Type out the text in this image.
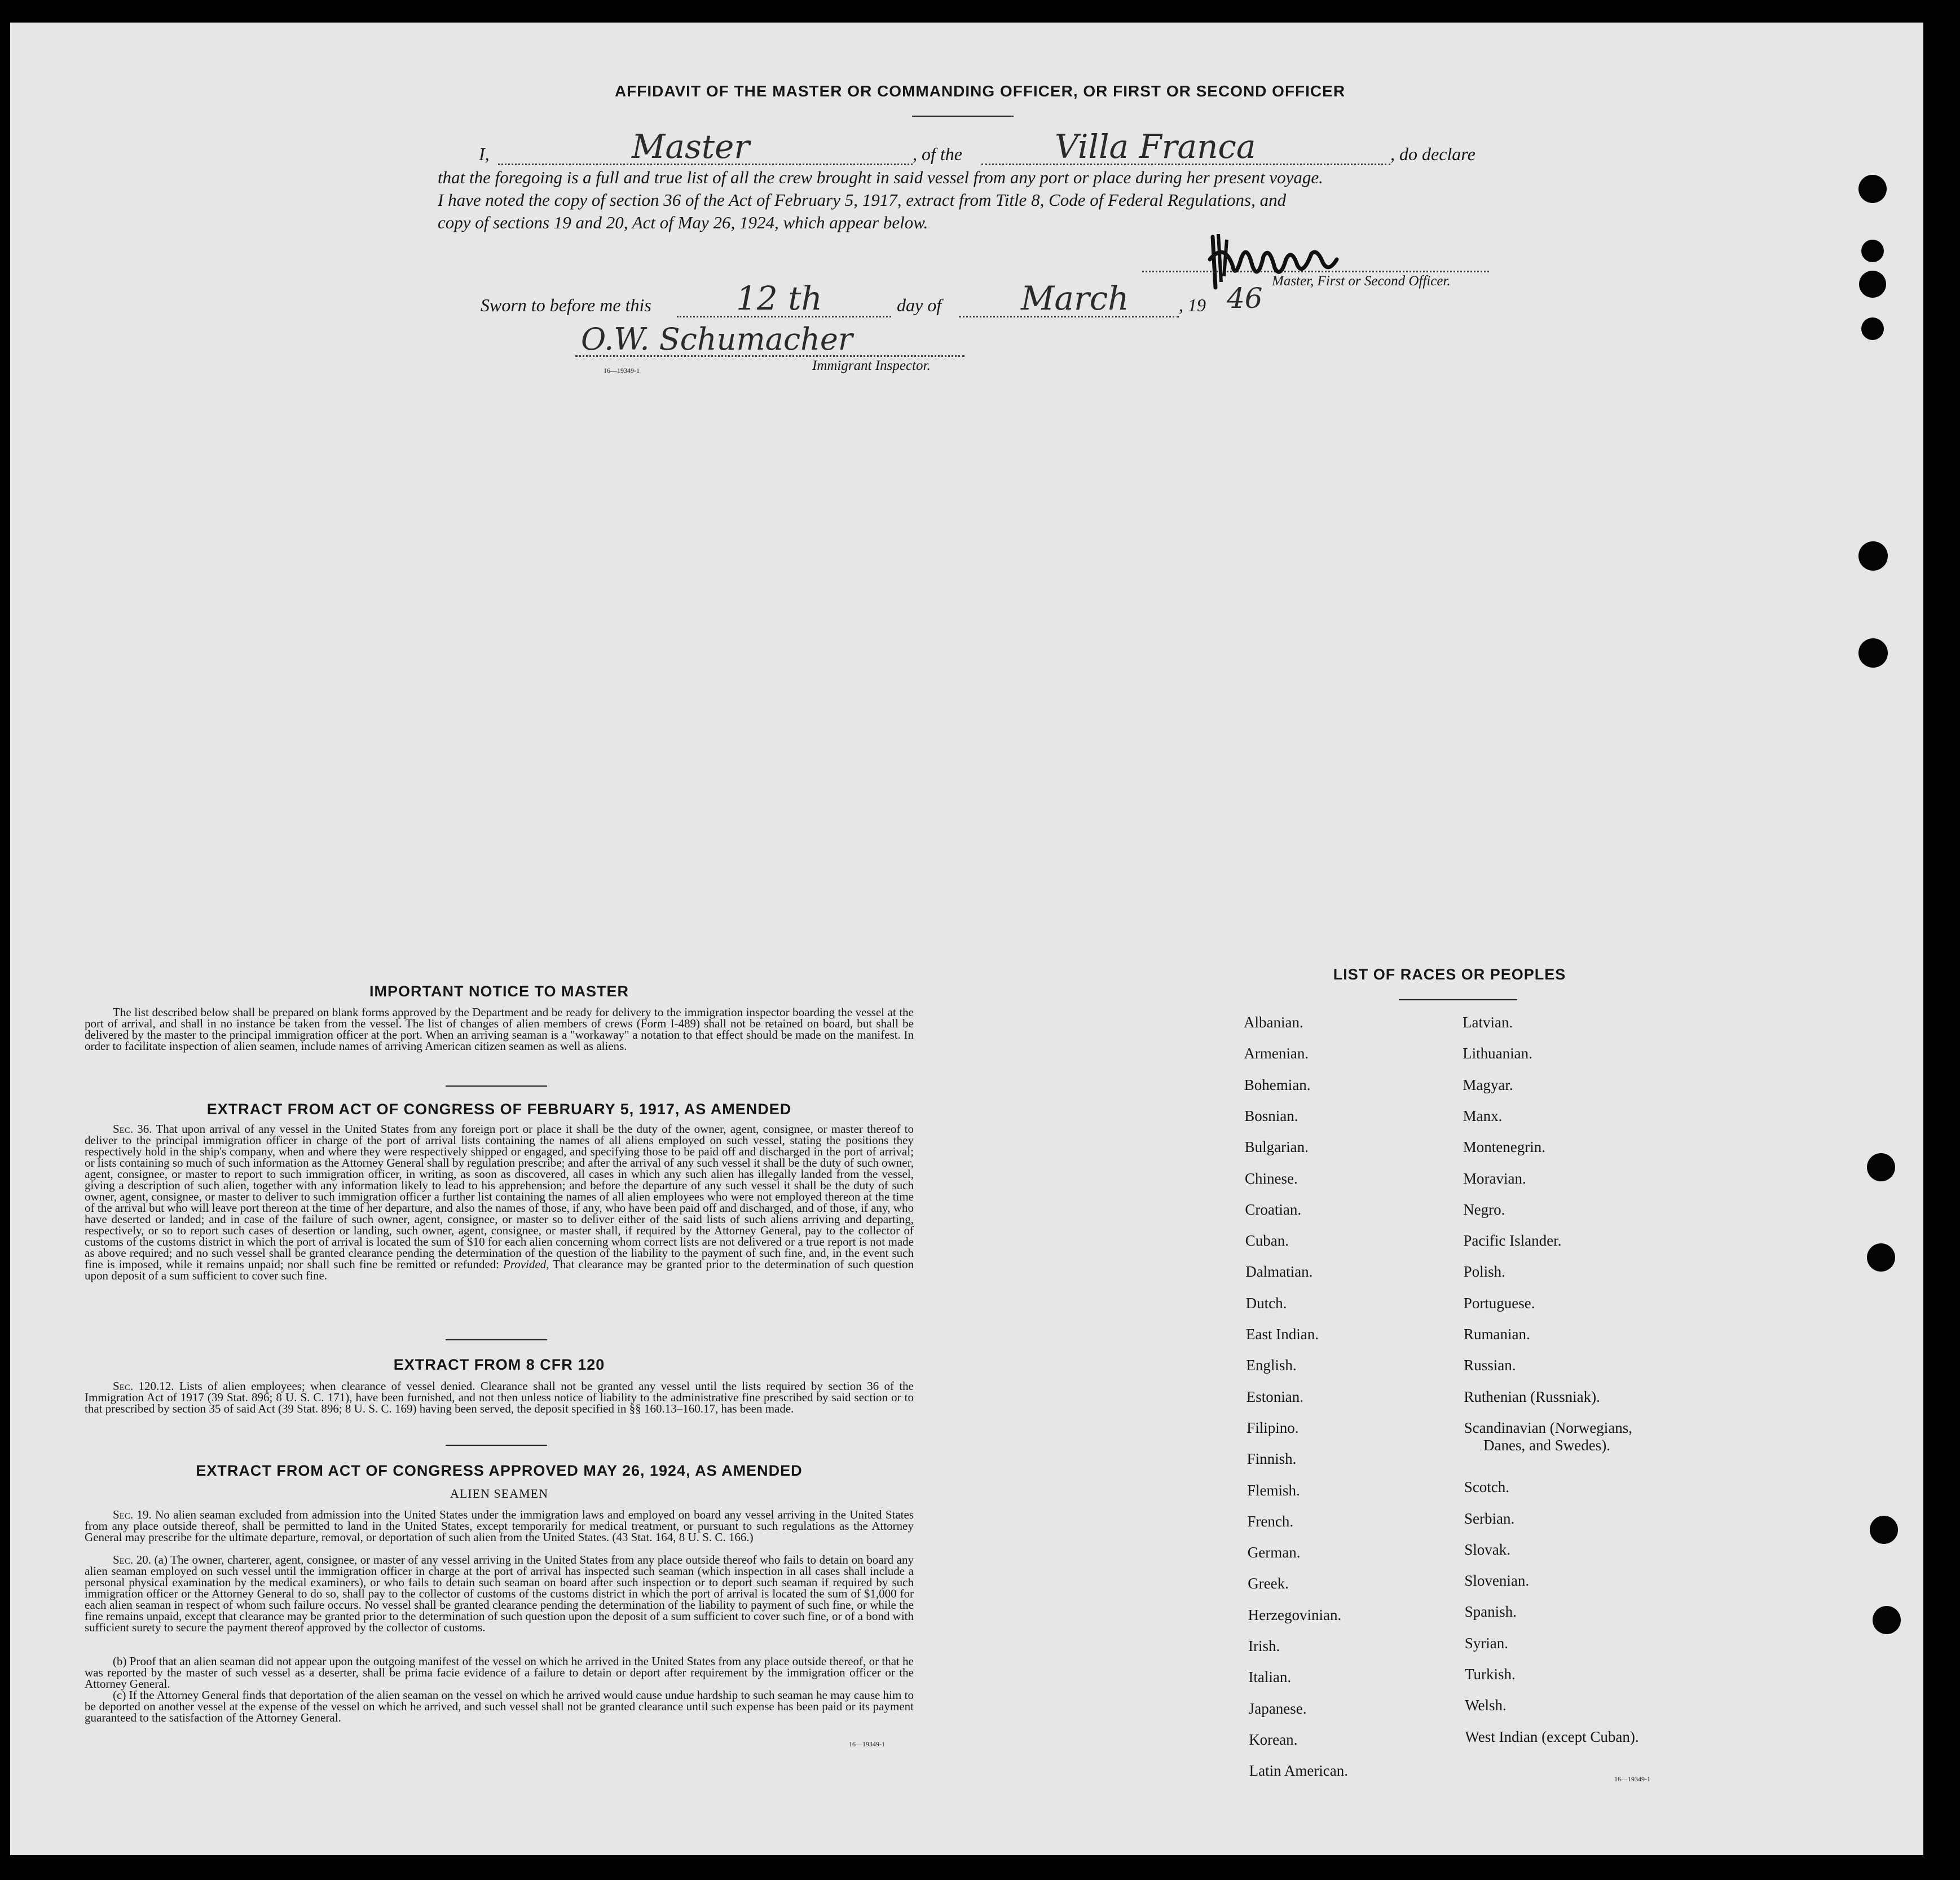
AFFIDAVIT OF THE MASTER OR COMMANDING OFFICER, OR FIRST OR SECOND OFFICER
I,	Master	, of the	Villa Franca	, do declare
that the foregoing is a full and true list of all the crew brought in said vessel from any port or place during her present voyage.
I have noted the copy of section 36 of the Act of February 5, 1917, extract from Title 8, Code of Federal Regulations, and
copy of sections 19 and 20, Act of May 26, 1924, which appear below.
Master, First or Second Officer.
Sworn to before me this	12 th	day of March	, 19 46
O.W. Schumacher
16—19349-1	Immigrant Inspector.
IMPORTANT NOTICE TO MASTER
The list described below shall be prepared on blank forms approved by the Department and be ready for delivery to the immigration inspector boarding the vessel at the port of arrival, and shall in no instance be taken from the vessel. The list of changes of alien members of crews (Form I-489) shall not be retained on board, but shall be delivered by the master to the principal immigration officer at the port. When an arriving seaman is a "workaway" a notation to that effect should be made on the manifest. In order to facilitate inspection of alien seamen, include names of arriving American citizen seamen as well as aliens.
EXTRACT FROM ACT OF CONGRESS OF FEBRUARY 5, 1917, AS AMENDED
Sec. 36. That upon arrival of any vessel in the United States from any foreign port or place it shall be the duty of the owner, agent, consignee, or master thereof to deliver to the principal immigration officer in charge of the port of arrival lists containing the names of all aliens employed on such vessel, stating the positions they respectively hold in the ship's company, when and where they were respectively shipped or engaged, and specifying those to be paid off and discharged in the port of arrival; or lists containing so much of such information as the Attorney General shall by regulation prescribe; and after the arrival of any such vessel it shall be the duty of such owner, agent, consignee, or master to report to such immigration officer, in writing, as soon as discovered, all cases in which any such alien has illegally landed from the vessel, giving a description of such alien, together with any information likely to lead to his apprehension; and before the departure of any such vessel it shall be the duty of such owner, agent, consignee, or master to deliver to such immigration officer a further list containing the names of all alien employees who were not employed thereon at the time of the arrival but who will leave port thereon at the time of her departure, and also the names of those, if any, who have been paid off and discharged, and of those, if any, who have deserted or landed; and in case of the failure of such owner, agent, consignee, or master so to deliver either of the said lists of such aliens arriving and departing, respectively, or so to report such cases of desertion or landing, such owner, agent, consignee, or master shall, if required by the Attorney General, pay to the collector of customs of the customs district in which the port of arrival is located the sum of $10 for each alien concerning whom correct lists are not delivered or a true report is not made as above required; and no such vessel shall be granted clearance pending the determination of the question of the liability to the payment of such fine, and, in the event such fine is imposed, while it remains unpaid; nor shall such fine be remitted or refunded: Provided, That clearance may be granted prior to the determination of such question upon deposit of a sum sufficient to cover such fine.
EXTRACT FROM 8 CFR 120
Sec. 120.12. Lists of alien employees; when clearance of vessel denied. Clearance shall not be granted any vessel until the lists required by section 36 of the Immigration Act of 1917 (39 Stat. 896; 8 U. S. C. 171), have been furnished, and not then unless notice of liability to the administrative fine prescribed by said section or to that prescribed by section 35 of said Act (39 Stat. 896; 8 U. S. C. 169) having been served, the deposit specified in §§ 160.13–160.17, has been made.
EXTRACT FROM ACT OF CONGRESS APPROVED MAY 26, 1924, AS AMENDED
ALIEN SEAMEN
Sec. 19. No alien seaman excluded from admission into the United States under the immigration laws and employed on board any vessel arriving in the United States from any place outside thereof, shall be permitted to land in the United States, except temporarily for medical treatment, or pursuant to such regulations as the Attorney General may prescribe for the ultimate departure, removal, or deportation of such alien from the United States. (43 Stat. 164, 8 U. S. C. 166.)
Sec. 20. (a) The owner, charterer, agent, consignee, or master of any vessel arriving in the United States from any place outside thereof who fails to detain on board any alien seaman employed on such vessel until the immigration officer in charge at the port of arrival has inspected such seaman (which inspection in all cases shall include a personal physical examination by the medical examiners), or who fails to detain such seaman on board after such inspection or to deport such seaman if required by such immigration officer or the Attorney General to do so, shall pay to the collector of customs of the customs district in which the port of arrival is located the sum of $1,000 for each alien seaman in respect of whom such failure occurs. No vessel shall be granted clearance pending the determination of the liability to payment of such fine, or while the fine remains unpaid, except that clearance may be granted prior to the determination of such question upon the deposit of a sum sufficient to cover such fine, or of a bond with sufficient surety to secure the payment thereof approved by the collector of customs.
(b) Proof that an alien seaman did not appear upon the outgoing manifest of the vessel on which he arrived in the United States from any place outside thereof, or that he was reported by the master of such vessel as a deserter, shall be prima facie evidence of a failure to detain or deport after requirement by the immigration officer or the Attorney General.
(c) If the Attorney General finds that deportation of the alien seaman on the vessel on which he arrived would cause undue hardship to such seaman he may cause him to be deported on another vessel at the expense of the vessel on which he arrived, and such vessel shall not be granted clearance until such expense has been paid or its payment guaranteed to the satisfaction of the Attorney General.
16—19349-1
LIST OF RACES OR PEOPLES
Albanian.
Armenian.
Bohemian.
Bosnian.
Bulgarian.
Chinese.
Croatian.
Cuban.
Dalmatian.
Dutch.
East Indian.
English.
Estonian.
Filipino.
Finnish.
Flemish.
French.
German.
Greek.
Herzegovinian.
Irish.
Italian.
Japanese.
Korean.
Latin American.
Latvian.
Lithuanian.
Magyar.
Manx.
Montenegrin.
Moravian.
Negro.
Pacific Islander.
Polish.
Portuguese.
Rumanian.
Russian.
Ruthenian (Russniak).
Scandinavian (Norwegians,
Danes, and Swedes).
Scotch.
Serbian.
Slovak.
Slovenian.
Spanish.
Syrian.
Turkish.
Welsh.
West Indian (except Cuban).
16—19349-1
